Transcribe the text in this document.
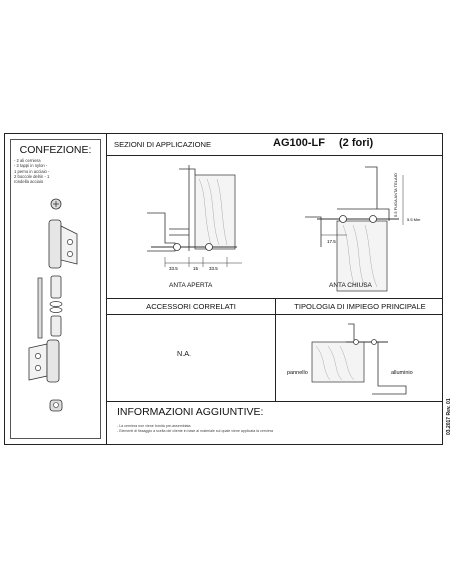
CONFEZIONE:
- 2 ali cerniera
- 2 tappi in nylon -
1 perno in acciaio -
2 boccole delrin - 1
rondella acciaio
SEZIONI DI APPLICAZIONE	AG100-LF (2 fori)
33.5	15 33.5
5.5 FUGA ANTA TELAIO
5.5 Mm
17.5
ANTA APERTA	ANTA CHIUSA
ACCESSORI CORRELATI	TIPOLOGIA DI IMPIEGO PRINCIPALE
N.A.
pannello	alluminio
INFORMAZIONI AGGIUNTIVE:
- La cerniera non viene fornita pre-assemblata
- Elementi di fissaggio a scelta del cliente in base al materiale sul quale viene applicata la cerniera	03.2017 Rev. 01
